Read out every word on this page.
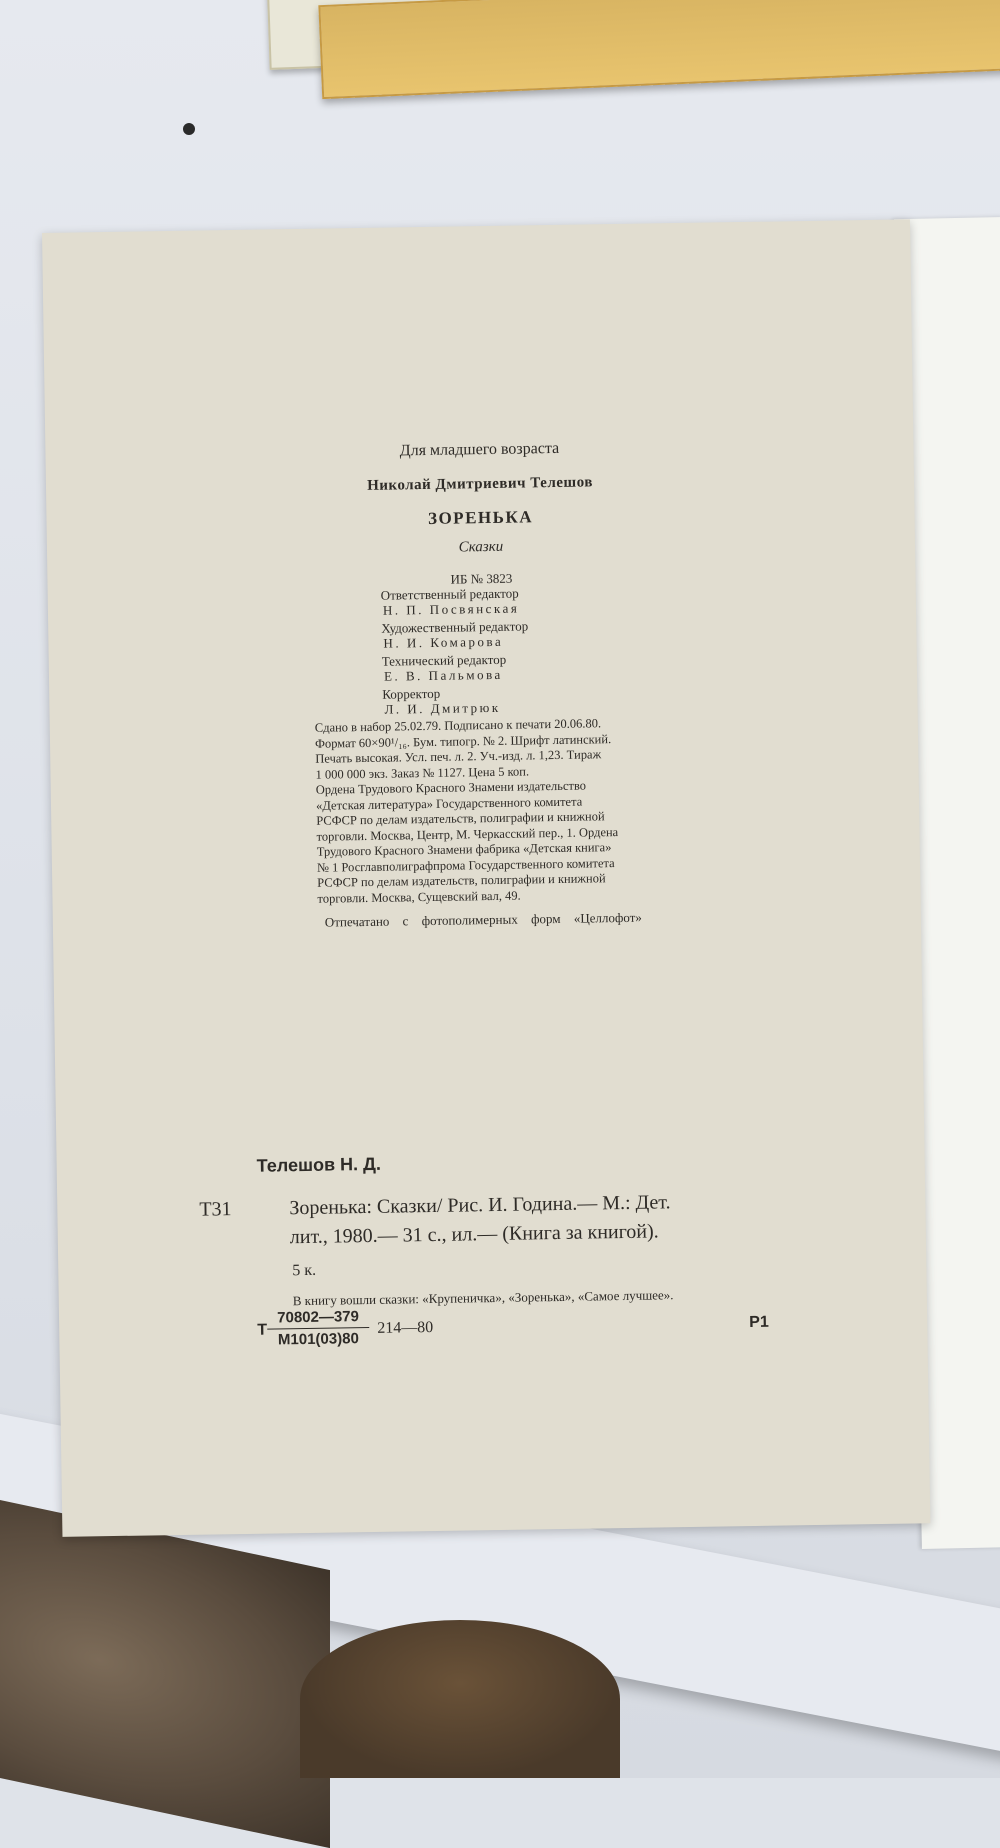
Для младшего возраста
Николай Дмитриевич Телешов
ЗОРЕНЬКА
Сказки
ИБ № 3823
Ответственный редактор
Н. П. Посвянская
Художественный редактор
Н. И. Комарова
Технический редактор
Е. В. Пальмова
Корректор
Л. И. Дмитрюк
Сдано в набор 25.02.79. Подписано к печати 20.06.80.
Формат 60×90¹/₁₆. Бум. типогр. № 2. Шрифт латинский.
Печать высокая. Усл. печ. л. 2. Уч.-изд. л. 1,23. Тираж
1 000 000 экз. Заказ № 1127. Цена 5 коп.
Ордена Трудового Красного Знамени издательство
«Детская литература» Государственного комитета
РСФСР по делам издательств, полиграфии и книжной
торговли. Москва, Центр, М. Черкасский пер., 1. Ордена
Трудового Красного Знамени фабрика «Детская книга»
№ 1 Росглавполиграфпрома Государственного комитета
РСФСР по делам издательств, полиграфии и книжной
торговли. Москва, Сущевский вал, 49.
Отпечатано с фотополимерных форм «Целлофот»
Телешов Н. Д.
Т31	Зоренька: Сказки/ Рис. И. Година.— М.: Дет.
лит., 1980.— 31 с., ил.— (Книга за книгой).
5 к.
В книгу вошли сказки: «Крупеничка», «Зоренька», «Самое лучшее».
Т
70802—379
М101(03)80
214—80	Р1
